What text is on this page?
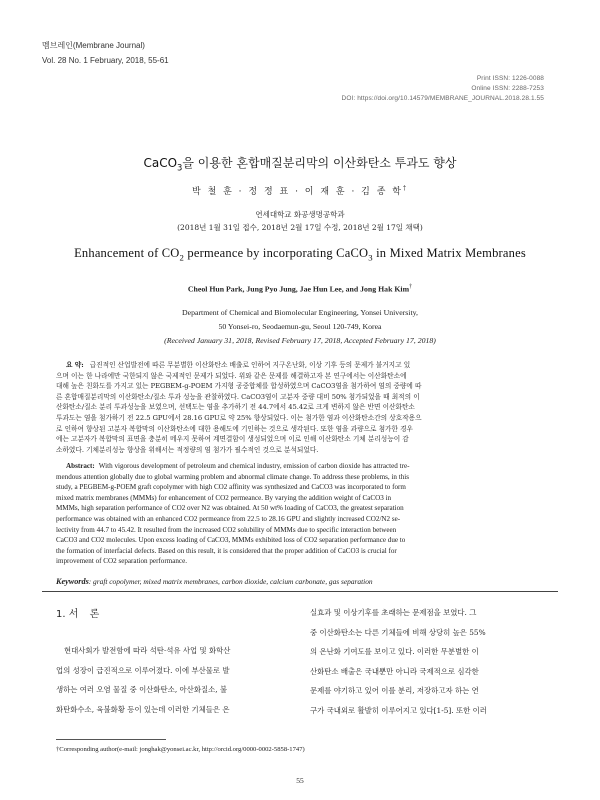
멤브레인(Membrane Journal)
Vol. 28 No. 1 February, 2018, 55-61
Print ISSN: 1226-0088
Online ISSN: 2288-7253
DOI: https://doi.org/10.14579/MEMBRANE_JOURNAL.2018.28.1.55
CaCO$_3$을 이용한 혼합매질분리막의 이산화탄소 투과도 향상
박 철 훈 · 정 정 표 · 이 재 훈 · 김 종 학†
연세대학교 화공생명공학과
(2018년 1월 31일 접수, 2018년 2월 17일 수정, 2018년 2월 17일 채택)
Enhancement of $CO_2$ permeance by incorporating CaCO$_3$ in Mixed Matrix Membranes
Cheol Hun Park, Jung Pyo Jung, Jae Hun Lee, and Jong Hak Kim†
Department of Chemical and Biomolecular Engineering, Yonsei University,
50 Yonsei-ro, Seodaemun-gu, Seoul 120-749, Korea
(Received January 31, 2018, Revised February 17, 2018, Accepted February 17, 2018)
요 약: 급진적인 산업발전에 따른 무분별한 이산화탄소 배출로 인하여 지구온난화, 이상 기후 등의 문제가 불거지고 있
으며 이는 한 나라에만 국한되지 않은 국제적인 문제가 되었다. 위와 같은 문제를 해결하고자 본 연구에서는 이산화탄소에
대해 높은 친화도를 가지고 있는 PEGBEM-g-POEM 가지형 공중합체를 합성하였으며 CaCO3염을 첨가하여 염의 중량에 따
른 혼합매질분리막의 이산화탄소/질소 투과 성능을 관찰하였다. CaCO3염이 고분자 중량 대비 50% 첨가되었을 때 최적의 이
산화탄소/질소 분리 투과성능을 보였으며, 선택도는 염을 추가하기 전 44.7에서 45.42로 크게 변하지 않은 반면 이산화탄소
투과도는 염을 첨가하기 전 22.5 GPU에서 28.16 GPU로 약 25% 향상되었다. 이는 첨가한 염과 이산화탄소간의 상호작용으
로 인하여 향상된 고분자 복합막의 이산화탄소에 대한 용해도에 기인하는 것으로 생각된다. 또한 염을 과량으로 첨가한 경우
에는 고분자가 복합막의 표면을 충분히 메우지 못하여 계면결함이 생성되었으며 이로 인해 이산화탄소 기체 분리성능이 감
소하였다. 기체분리성능 향상을 위해서는 적정량의 염 첨가가 필수적인 것으로 분석되었다.
Abstract: With vigorous development of petroleum and chemical industry, emission of carbon dioxide has attracted tre-
mendous attention globally due to global warming problem and abnormal climate change. To address these problems, in this
study, a PEGBEM-g-POEM graft copolymer with high CO2 affinity was synthesized and CaCO3 was incorporated to form
mixed matrix membranes (MMMs) for enhancement of CO2 permeance. By varying the addition weight of CaCO3 in
MMMs, high separation performance of CO2 over N2 was obtained. At 50 wt% loading of CaCO3, the greatest separation
performance was obtained with an enhanced CO2 permeance from 22.5 to 28.16 GPU and slightly increased CO2/N2 se-
lectivity from 44.7 to 45.42. It resulted from the increased CO2 solubility of MMMs due to specific interaction between
CaCO3 and CO2 molecules. Upon excess loading of CaCO3, MMMs exhibited loss of CO2 separation performance due to
the formation of interfacial defects. Based on this result, it is considered that the proper addition of CaCO3 is crucial for
improvement of CO2 separation performance.
Keywords: graft copolymer, mixed matrix membranes, carbon dioxide, calcium carbonate, gas separation
1. 서 론
현대사회가 발전함에 따라 석탄·석유 사업 및 화학산
업의 성장이 급진적으로 이루어졌다. 이에 부산물로 발
생하는 여러 오염 물질 중 이산화탄소, 아산화질소, 불
화탄화수소, 육불화황 등이 있는데 이러한 기체들은 온
실효과 및 이상기후를 초래하는 문제점을 보였다. 그
중 이산화탄소는 다른 기체들에 비해 상당히 높은 55%
의 온난화 기여도를 보이고 있다. 이러한 무분별한 이
산화탄소 배출은 국내뿐만 아니라 국제적으로 심각한
문제를 야기하고 있어 이를 분리, 저장하고자 하는 연
구가 국내외로 활발히 이루어지고 있다[1-5]. 또한 이러
†Corresponding author(e-mail: jonghak@yonsei.ac.kr, http://orcid.org/0000-0002-5858-1747)
55
